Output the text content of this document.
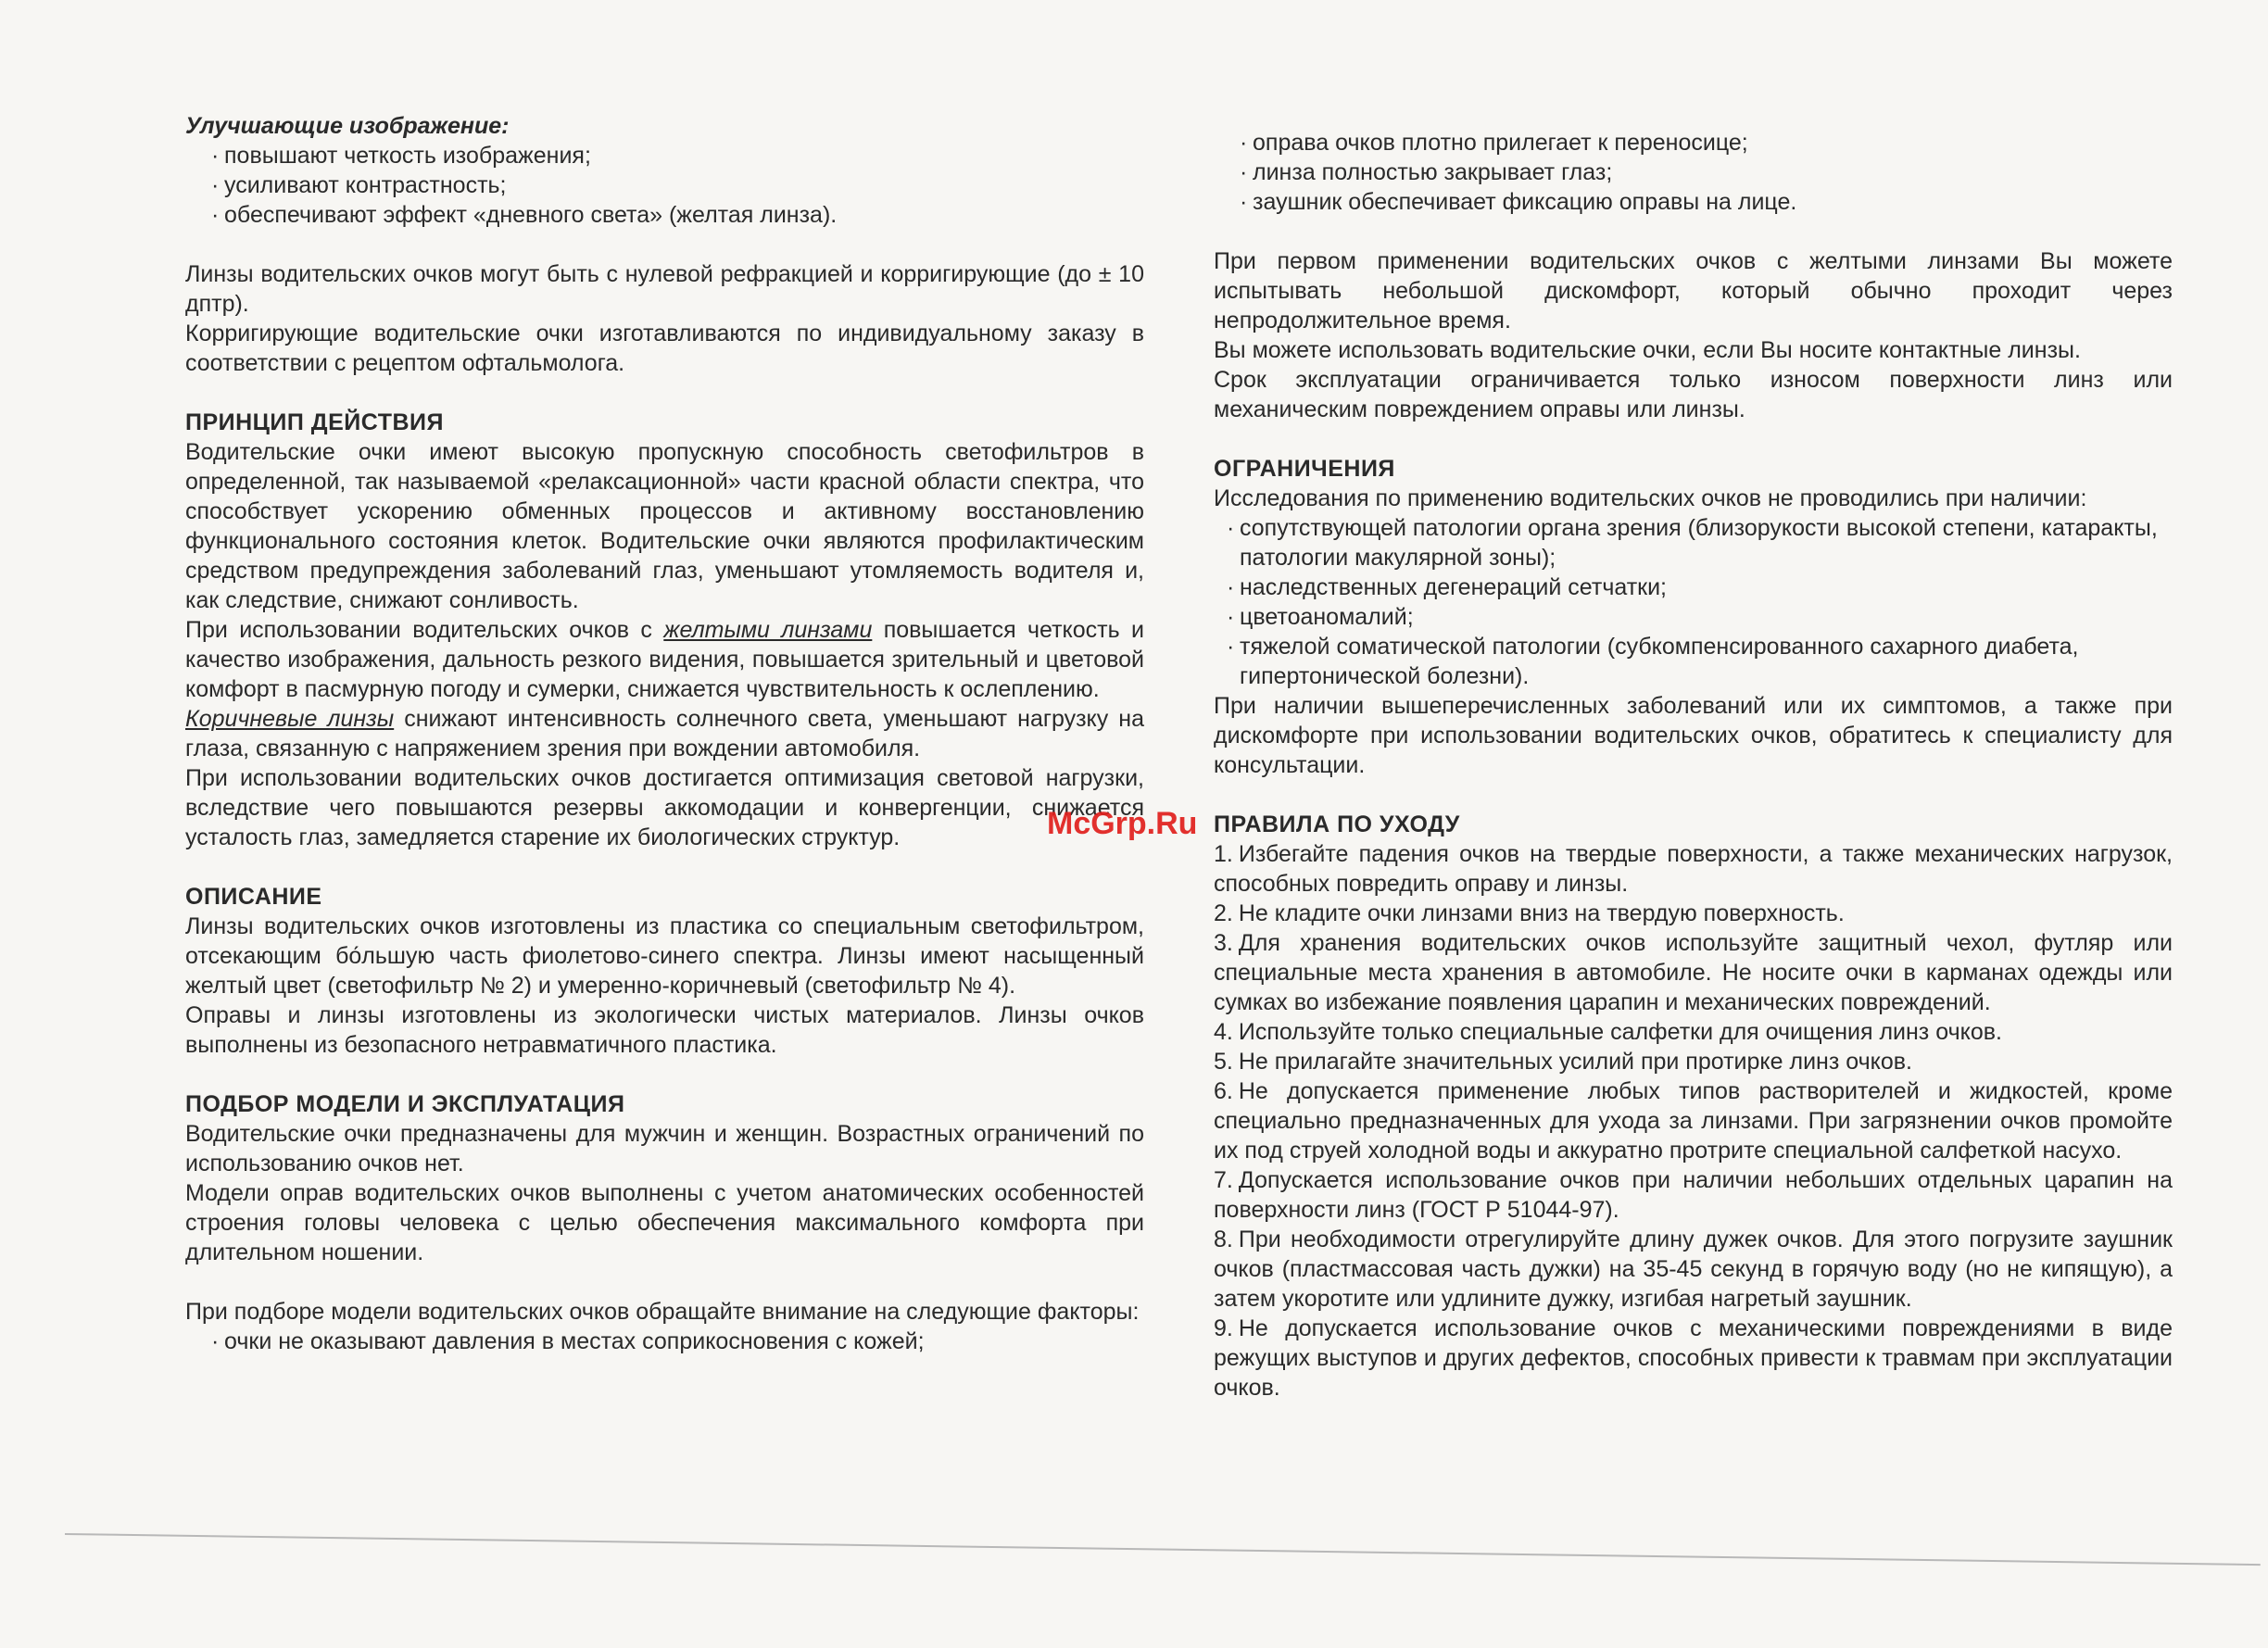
Улучшающие изображение:

· повышают четкость изображения;
· усиливают контрастность;
· обеспечивают эффект «дневного света» (желтая линза).

Линзы водительских очков могут быть с нулевой рефракцией и корригирующие (до ± 10 дптр).

Корригирующие водительские очки изготавливаются по индивидуальному заказу в соответствии с рецептом офтальмолога.

ПРИНЦИП ДЕЙСТВИЯ

Водительские очки имеют высокую пропускную способность светофильтров в определенной, так называемой «релаксационной» части красной области спектра, что способствует ускорению обменных процессов и активному восстановлению функционального состояния клеток. Водительские очки являются профилактическим средством предупреждения заболеваний глаз, уменьшают утомляемость водителя и, как следствие, снижают сонливость.

При использовании водительских очков с желтыми линзами повышается четкость и качество изображения, дальность резкого видения, повышается зрительный и цветовой комфорт в пасмурную погоду и сумерки, снижается чувствительность к ослеплению.

Коричневые линзы снижают интенсивность солнечного света, уменьшают нагрузку на глаза, связанную с напряжением зрения при вождении автомобиля.

При использовании водительских очков достигается оптимизация световой нагрузки, вследствие чего повышаются резервы аккомодации и конвергенции, снижается усталость глаз, замедляется старение их биологических структур.

ОПИСАНИЕ

Линзы водительских очков изготовлены из пластика со специальным светофильтром, отсекающим бо́льшую часть фиолетово-синего спектра. Линзы имеют насыщенный желтый цвет (светофильтр № 2) и умеренно-коричневый (светофильтр № 4).

Оправы и линзы изготовлены из экологически чистых материалов. Линзы очков выполнены из безопасного нетравматичного пластика.

ПОДБОР МОДЕЛИ И ЭКСПЛУАТАЦИЯ

Водительские очки предназначены для мужчин и женщин. Возрастных ограничений по использованию очков нет.

Модели оправ водительских очков выполнены с учетом анатомических особенностей строения головы человека с целью обеспечения максимального комфорта при длительном ношении.

При подборе модели водительских очков обращайте внимание на следующие факторы:

· очки не оказывают давления в местах соприкосновения с кожей;
· оправа очков плотно прилегает к переносице;
· линза полностью закрывает глаз;
· заушник обеспечивает фиксацию оправы на лице.

При первом применении водительских очков с желтыми линзами Вы можете испытывать небольшой дискомфорт, который обычно проходит через непродолжительное время.

Вы можете использовать водительские очки, если Вы носите контактные линзы.

Срок эксплуатации ограничивается только износом поверхности линз или механическим повреждением оправы или линзы.

ОГРАНИЧЕНИЯ

Исследования по применению водительских очков не проводились при наличии:

· сопутствующей патологии органа зрения (близорукости высокой степени, катаракты, патологии макулярной зоны);
· наследственных дегенераций сетчатки;
· цветоаномалий;
· тяжелой соматической патологии (субкомпенсированного сахарного диабета, гипертонической болезни).

При наличии вышеперечисленных заболеваний или их симптомов, а также при дискомфорте при использовании водительских очков, обратитесь к специалисту для консультации.

ПРАВИЛА ПО УХОДУ
1. Избегайте падения очков на твердые поверхности, а также механических нагрузок, способных повредить оправу и линзы.
2. Не кладите очки линзами вниз на твердую поверхность.
3. Для хранения водительских очков используйте защитный чехол, футляр или специальные места хранения в автомобиле. Не носите очки в карманах одежды или сумках во избежание появления царапин и механических повреждений.
4. Используйте только специальные салфетки для очищения линз очков.
5. Не прилагайте значительных усилий при протирке линз очков.
6. Не допускается применение любых типов растворителей и жидкостей, кроме специально предназначенных для ухода за линзами. При загрязнении очков промойте их под струей холодной воды и аккуратно протрите специальной салфеткой насухо.
7. Допускается использование очков при наличии небольших отдельных царапин на поверхности линз (ГОСТ Р 51044-97).
8. При необходимости отрегулируйте длину дужек очков. Для этого погрузите заушник очков (пластмассовая часть дужки) на 35-45 секунд в горячую воду (но не кипящую), а затем укоротите или удлините дужку, изгибая нагретый заушник.
9. Не допускается использование очков с механическими повреждениями в виде режущих выступов и других дефектов, способных привести к травмам при эксплуатации очков.
McGrp.Ru
